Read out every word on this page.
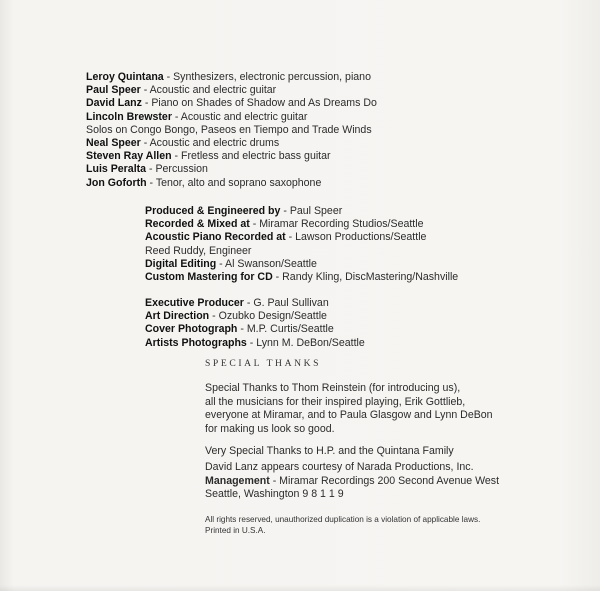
Leroy Quintana - Synthesizers, electronic percussion, piano
Paul Speer - Acoustic and electric guitar
David Lanz - Piano on Shades of Shadow and As Dreams Do
Lincoln Brewster - Acoustic and electric guitar
Solos on Congo Bongo, Paseos en Tiempo and Trade Winds
Neal Speer - Acoustic and electric drums
Steven Ray Allen - Fretless and electric bass guitar
Luis Peralta - Percussion
Jon Goforth - Tenor, alto and soprano saxophone
Produced & Engineered by - Paul Speer
Recorded & Mixed at - Miramar Recording Studios/Seattle
Acoustic Piano Recorded at - Lawson Productions/Seattle
Reed Ruddy, Engineer
Digital Editing - Al Swanson/Seattle
Custom Mastering for CD - Randy Kling, DiscMastering/Nashville
Executive Producer - G. Paul Sullivan
Art Direction - Ozubko Design/Seattle
Cover Photograph - M.P. Curtis/Seattle
Artists Photographs - Lynn M. DeBon/Seattle
SPECIAL THANKS
Special Thanks to Thom Reinstein (for introducing us),
all the musicians for their inspired playing, Erik Gottlieb,
everyone at Miramar, and to Paula Glasgow and Lynn DeBon
for making us look so good.
Very Special Thanks to H.P. and the Quintana Family
David Lanz appears courtesy of Narada Productions, Inc.
Management - Miramar Recordings 200 Second Avenue West
Seattle, Washington 9 8 1 1 9
All rights reserved, unauthorized duplication is a violation of applicable laws.
Printed in U.S.A.
